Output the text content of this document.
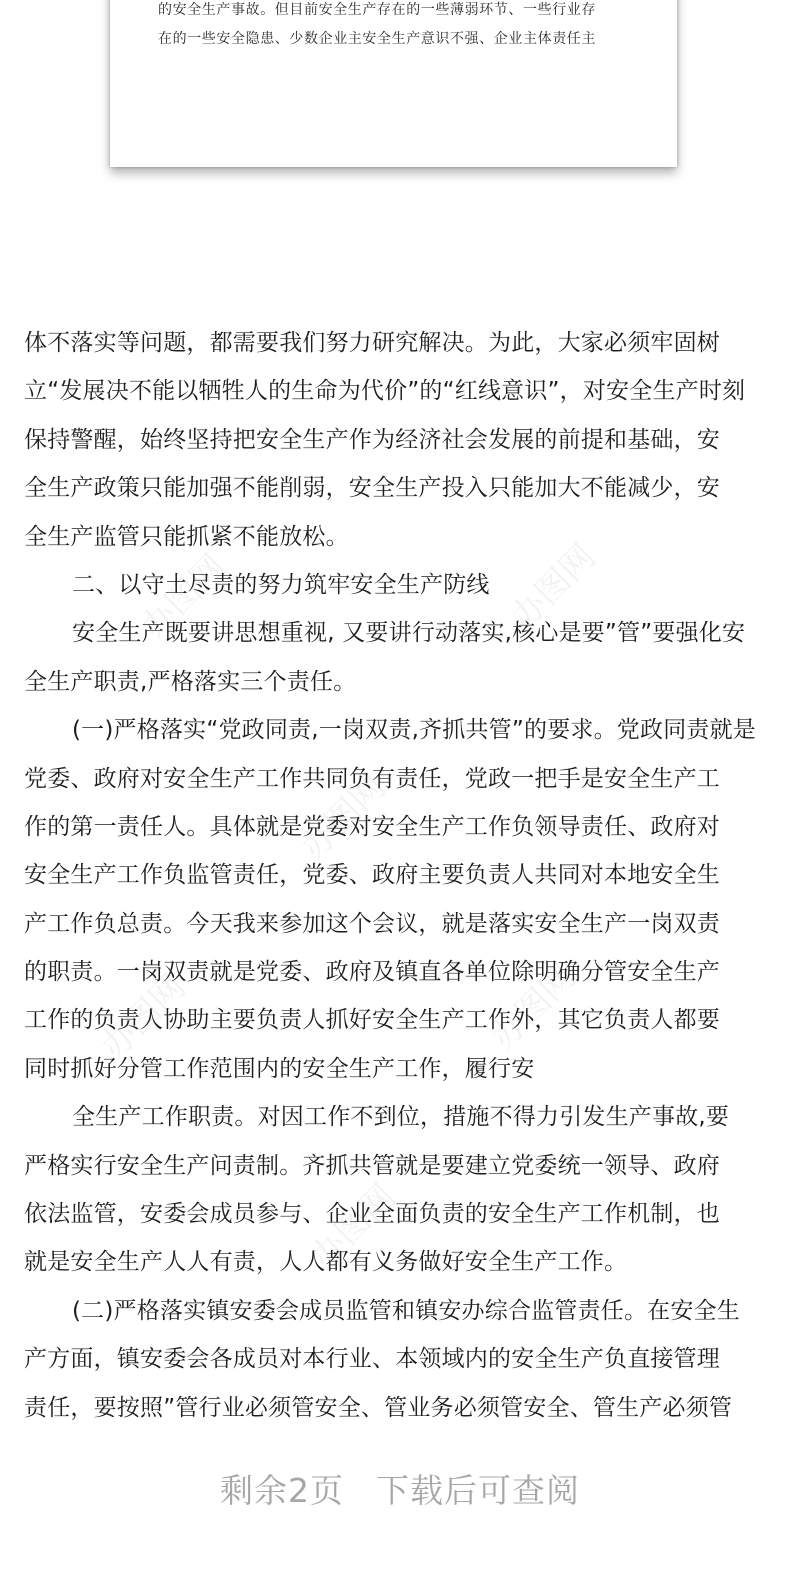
的安全生产事故。但目前安全生产存在的一些薄弱环节、一些行业存
在的一些安全隐患、少数企业主安全生产意识不强、企业主体责任主
办图网	办图网
办图网
办图网	办图网
办图网
体不落实等问题，都需要我们努力研究解决。为此，大家必须牢固树
立“发展决不能以牺牲人的生命为代价”的“红线意识”，对安全生产时刻
保持警醒，始终坚持把安全生产作为经济社会发展的前提和基础，安
全生产政策只能加强不能削弱，安全生产投入只能加大不能减少，安
全生产监管只能抓紧不能放松。
二、以守土尽责的努力筑牢安全生产防线
安全生产既要讲思想重视, 又要讲行动落实,核心是要”管”要强化安
全生产职责,严格落实三个责任。
(一)严格落实“党政同责,一岗双责,齐抓共管”的要求。党政同责就是
党委、政府对安全生产工作共同负有责任，党政一把手是安全生产工
作的第一责任人。具体就是党委对安全生产工作负领导责任、政府对
安全生产工作负监管责任，党委、政府主要负责人共同对本地安全生
产工作负总责。今天我来参加这个会议，就是落实安全生产一岗双责
的职责。一岗双责就是党委、政府及镇直各单位除明确分管安全生产
工作的负责人协助主要负责人抓好安全生产工作外，其它负责人都要
同时抓好分管工作范围内的安全生产工作，履行安
全生产工作职责。对因工作不到位，措施不得力引发生产事故,要
严格实行安全生产问责制。齐抓共管就是要建立党委统一领导、政府
依法监管，安委会成员参与、企业全面负责的安全生产工作机制，也
就是安全生产人人有责，人人都有义务做好安全生产工作。
(二)严格落实镇安委会成员监管和镇安办综合监管责任。在安全生
产方面，镇安委会各成员对本行业、本领域内的安全生产负直接管理
责任，要按照”管行业必须管安全、管业务必须管安全、管生产必须管
剩余2页 下载后可查阅
